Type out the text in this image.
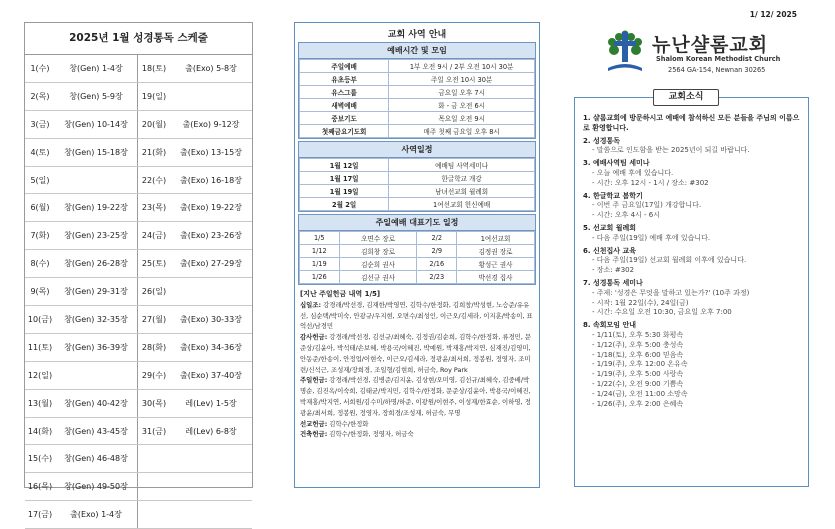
2025년 1월 성경통독 스케줄
1(수)	창(Gen) 1-4장	18(토)	출(Exo) 5-8장
2(목)	창(Gen) 5-9장	19(일)	
3(금)	창(Gen) 10-14장	20(월)	출(Exo) 9-12장
4(토)	창(Gen) 15-18장	21(화)	출(Exo) 13-15장
5(일)		22(수)	출(Exo) 16-18장
6(월)	창(Gen) 19-22장	23(목)	출(Exo) 19-22장
7(화)	창(Gen) 23-25장	24(금)	출(Exo) 23-26장
8(수)	창(Gen) 26-28장	25(토)	출(Exo) 27-29장
9(목)	창(Gen) 29-31장	26(일)	
10(금)	창(Gen) 32-35장	27(월)	출(Exo) 30-33장
11(토)	창(Gen) 36-39장	28(화)	출(Exo) 34-36장
12(일)		29(수)	출(Exo) 37-40장
13(월)	창(Gen) 40-42장	30(목)	레(Lev) 1-5장
14(화)	창(Gen) 43-45장	31(금)	레(Lev) 6-8장
15(수)	창(Gen) 46-48장		
16(목)	창(Gen) 49-50장		
17(금)	출(Exo) 1-4장		
교회 사역 안내
예배시간 및 모임
주일예배	1부 오전 9시 / 2부 오전 10시 30분
유초등부	주일 오전 10시 30분
유스그룹	금요일 오후 7시
새벽예배	화 - 금 오전 6시
중보기도	목요일 오전 9시
첫째금요기도회	매주 첫째 금요일 오후 8시
사역일정
1월 12일	예배팀 사역세미나
1월 17일	한글학교 개강
1월 19일	남녀선교회 월례회
2월 2일	1여선교회 헌신예배
주일예배 대표기도 일정
1/5	오면수 장로	2/2	1여선교회
1/12	김희창 장로	2/9	김정권 장로
1/19	김순희 권사	2/16	황성근 권사
1/26	김선규 권사	2/23	박선경 집사
[지난 주일헌금 내역 1/5]
십일조: 강경래/박선경, 김재한/박영연, 김학수/한정화, 김희창/박성현, 노승준/유유선, 심순택/박미숙, 안광규/우지현, 오면수/최성인, 이근오/김세라, 이지훈/박송이, 표억선/남경민
감사헌금: 강경래/박선경, 김선규/최혜숙, 김정권/김순희, 김학수/한정화, 류경민, 문준상/김윤아, 박석태/손보혜, 박용국/이혜진, 박예원, 박재홍/박지연, 심재진/김영미, 안동준/한송이, 안정업/이현숙, 이근오/김세라, 정광윤/최서희, 정봉원, 정영자, 조미련/신석근, 조성재/장희경, 조일형/김현희, 허금숙, Roy Park
주일헌금: 강경래/박선경, 김병준/김지윤, 김상현/오미영, 김선규/최혜숙, 김중배/박명순, 김진옥/이숙희, 김태균/박지민, 김학수/한정화, 문준상/김윤아, 박용국/이혜진, 박재홍/박지연, 서희원/김수미/하명/하준, 이광원/이현주, 이성재/한효순, 이하영, 정광윤/최서희, 정봉원, 정영자, 장희경/조성재, 허금숙, 무명
선교헌금: 김학수/한정화
건축헌금: 김학수/한정화, 정영자, 허금숙
1/ 12/ 2025
뉴난샬롬교회
Shalom Korean Methodist Church
2564 GA-154, Newnan 30265
1. 샬롬교회에 방문하시고 예배에 참석하신 모든 분들을 주님의 이름으로 환영합니다.
2. 성경통독
- 말씀으로 인도함을 받는 2025년이 되길 바랍니다.
3. 예배사역팀 세미나
- 오늘 예배 후에 있습니다.
- 시간: 오후 12시 - 1시 / 장소: #302
4. 한글학교 봄학기
- 이번 주 금요일(17일) 개강합니다.
- 시간: 오후 4시 - 6시
5. 선교회 월례회
- 다음 주일(19일) 예배 후에 있습니다.
6. 신천집사 교육
- 다음 주일(19일) 선교회 월례회 이후에 있습니다.
- 장소: #302
7. 성경통독 세미나
- 주제: '성경은 무엇을 말하고 있는가?' (10주 과정)
- 시작: 1월 22일(수), 24일(금)
- 시간: 수요일 오전 10:30, 금요일 오후 7:00
8. 속회모임 안내
- 1/11(토), 오후 5:30 화평속
- 1/12(주), 오후 5:00 충성속
- 1/18(토), 오후 6:00 믿음속
- 1/19(주), 오후 12:00 온유속
- 1/19(주), 오후 5:00 사랑속
- 1/22(수), 오전 9:00 기쁨속
- 1/24(금), 오전 11:00 소망속
- 1/26(주), 오후 2:00 은혜속
교회소식
